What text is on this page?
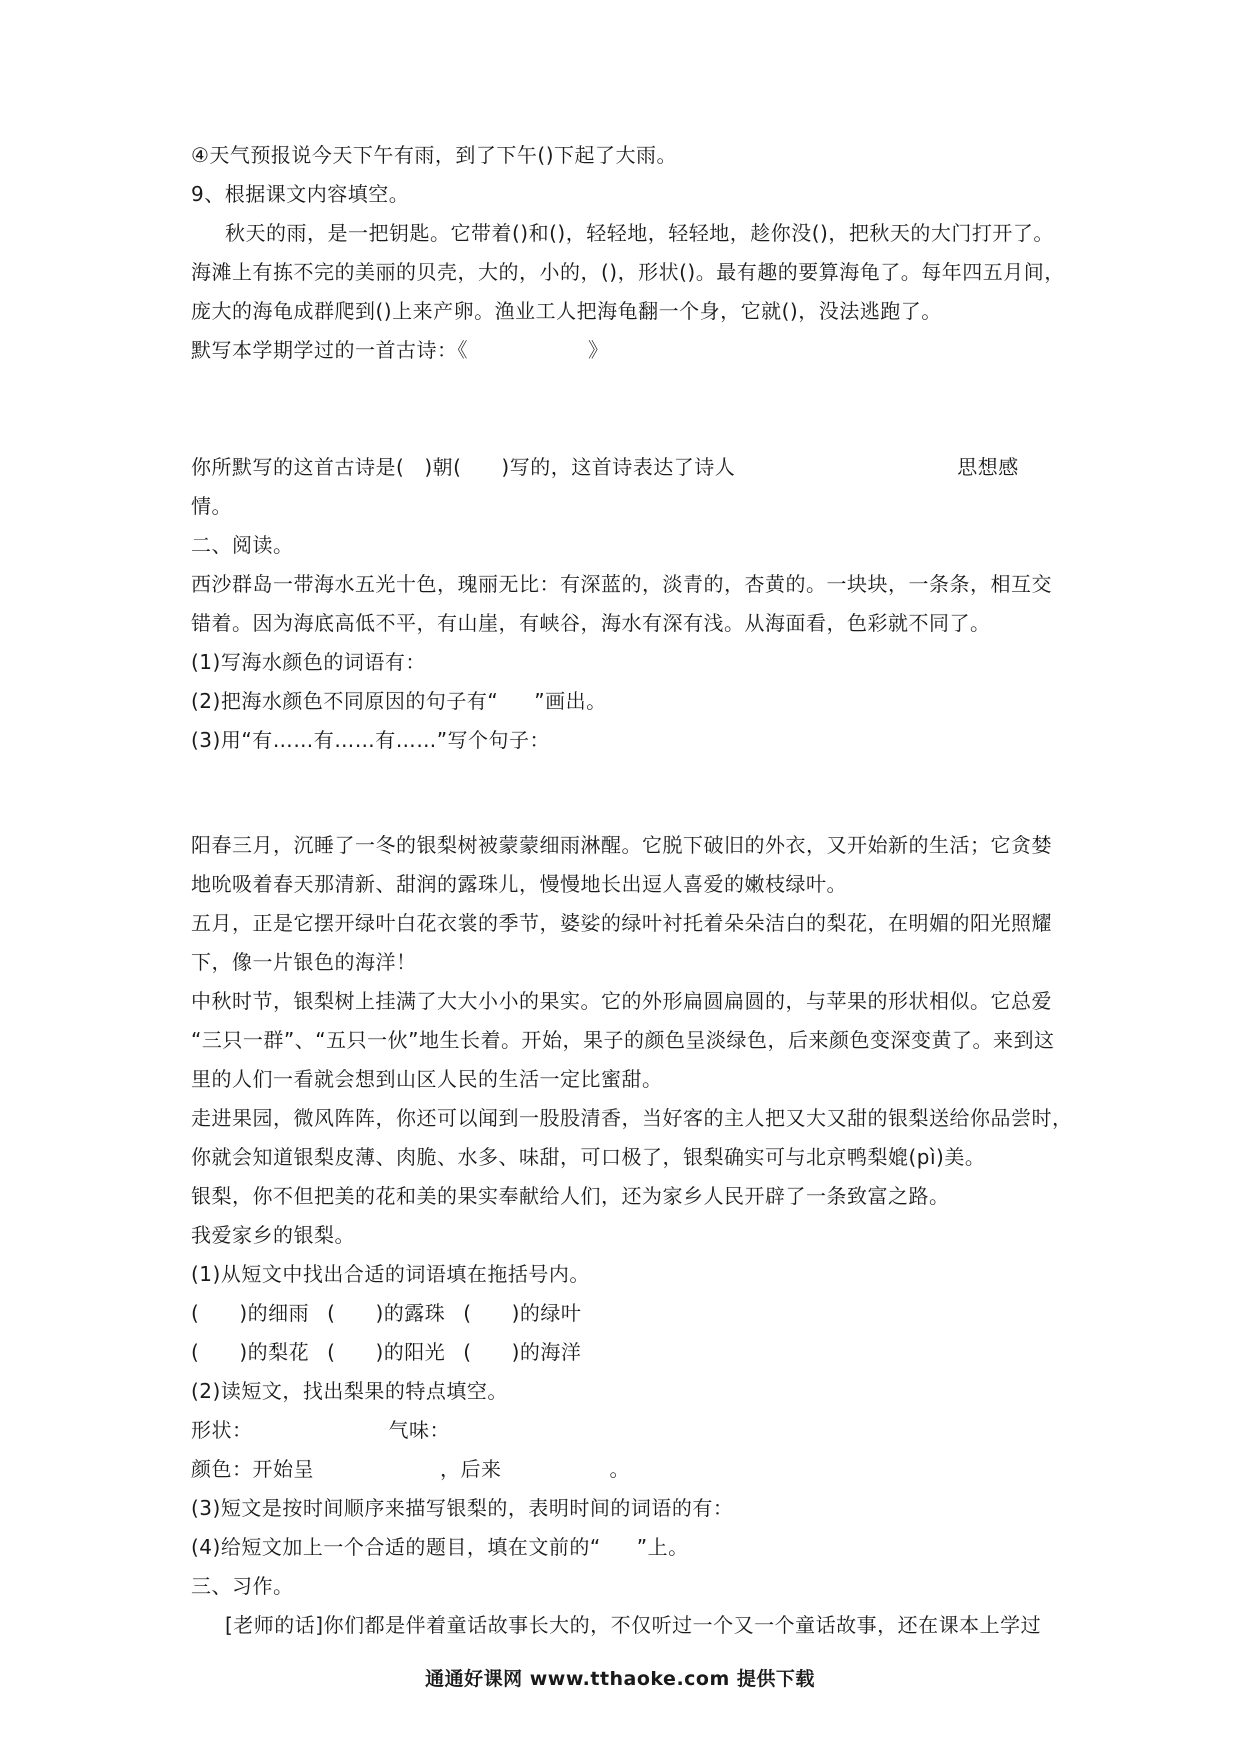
④天气预报说今天下午有雨，到了下午()下起了大雨。
9、根据课文内容填空。
秋天的雨，是一把钥匙。它带着()和()，轻轻地，轻轻地，趁你没()，把秋天的大门打开了。
海滩上有拣不完的美丽的贝壳，大的，小的，()，形状()。最有趣的要算海龟了。每年四五月间，
庞大的海龟成群爬到()上来产卵。渔业工人把海龟翻一个身，它就()，没法逃跑了。
默写本学期学过的一首古诗：《	》
你所默写的这首古诗是( )朝( )写的，这首诗表达了诗人	思想感
情。
二、阅读。
西沙群岛一带海水五光十色，瑰丽无比：有深蓝的，淡青的，杏黄的。一块块，一条条，相互交
错着。因为海底高低不平，有山崖，有峡谷，海水有深有浅。从海面看，色彩就不同了。
(1)写海水颜色的词语有：
(2)把海水颜色不同原因的句子有“ ”画出。
(3)用“有……有……有……”写个句子：
阳春三月，沉睡了一冬的银梨树被蒙蒙细雨淋醒。它脱下破旧的外衣，又开始新的生活；它贪婪
地吮吸着春天那清新、甜润的露珠儿，慢慢地长出逗人喜爱的嫩枝绿叶。
五月，正是它摆开绿叶白花衣裳的季节，婆娑的绿叶衬托着朵朵洁白的梨花，在明媚的阳光照耀
下，像一片银色的海洋！
中秋时节，银梨树上挂满了大大小小的果实。它的外形扁圆扁圆的，与苹果的形状相似。它总爱
“三只一群”、“五只一伙”地生长着。开始，果子的颜色呈淡绿色，后来颜色变深变黄了。来到这
里的人们一看就会想到山区人民的生活一定比蜜甜。
走进果园，微风阵阵，你还可以闻到一股股清香，当好客的主人把又大又甜的银梨送给你品尝时，
你就会知道银梨皮薄、肉脆、水多、味甜，可口极了，银梨确实可与北京鸭梨媲(pì)美。
银梨，你不但把美的花和美的果实奉献给人们，还为家乡人民开辟了一条致富之路。
我爱家乡的银梨。
(1)从短文中找出合适的词语填在拖括号内。
( )的细雨 ( )的露珠 ( )的绿叶
( )的梨花 ( )的阳光 ( )的海洋
(2)读短文，找出梨果的特点填空。
形状：	气味：
颜色：开始呈	，后来	。
(3)短文是按时间顺序来描写银梨的，表明时间的词语的有：
(4)给短文加上一个合适的题目，填在文前的“ ”上。
三、习作。
[老师的话]你们都是伴着童话故事长大的，不仅听过一个又一个童话故事，还在课本上学过
通通好课网 www.tthaoke.com 提供下载
